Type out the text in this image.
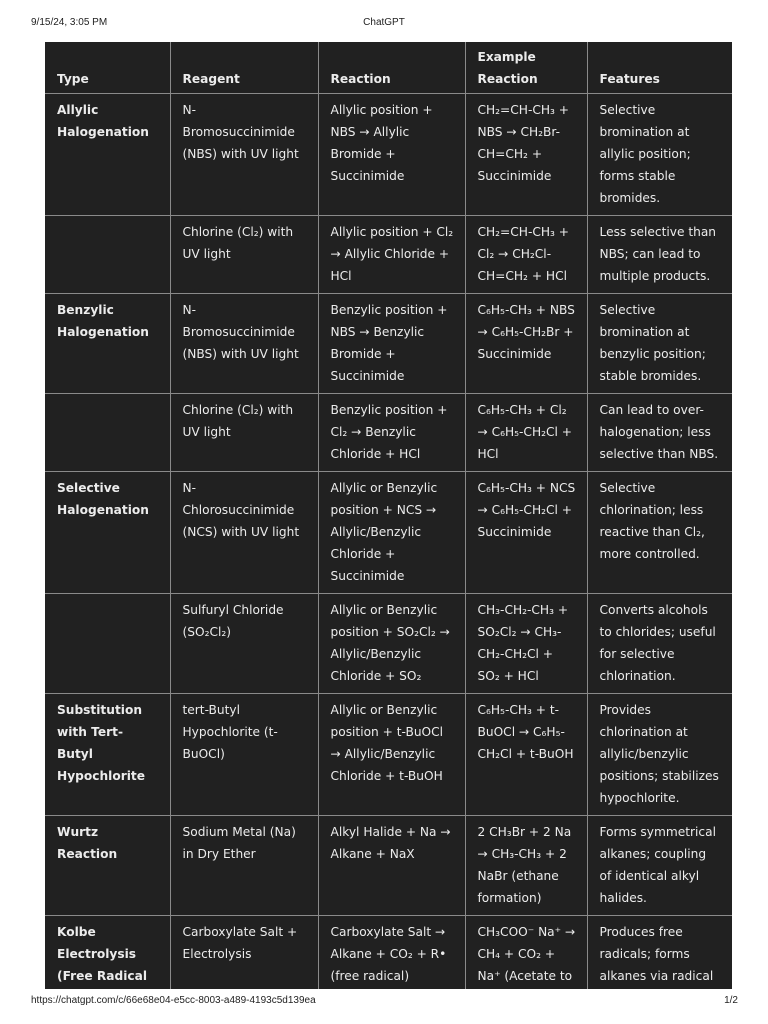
9/15/24, 3:05 PM	ChatGPT
Type	Reagent	Reaction	Example Reaction	Features
Allylic Halogenation	N-Bromosuccinimide (NBS) with UV light	Allylic position + NBS → Allylic Bromide + Succinimide	CH₂=CH-CH₃ + NBS → CH₂Br-CH=CH₂ + Succinimide	Selective bromination at allylic position; forms stable bromides.
	Chlorine (Cl₂) with UV light	Allylic position + Cl₂ → Allylic Chloride + HCl	CH₂=CH-CH₃ + Cl₂ → CH₂Cl-CH=CH₂ + HCl	Less selective than NBS; can lead to multiple products.
Benzylic Halogenation	N-Bromosuccinimide (NBS) with UV light	Benzylic position + NBS → Benzylic Bromide + Succinimide	C₆H₅-CH₃ + NBS → C₆H₅-CH₂Br + Succinimide	Selective bromination at benzylic position; stable bromides.
	Chlorine (Cl₂) with UV light	Benzylic position + Cl₂ → Benzylic Chloride + HCl	C₆H₅-CH₃ + Cl₂ → C₆H₅-CH₂Cl + HCl	Can lead to over-halogenation; less selective than NBS.
Selective Halogenation	N-Chlorosuccinimide (NCS) with UV light	Allylic or Benzylic position + NCS → Allylic/Benzylic Chloride + Succinimide	C₆H₅-CH₃ + NCS → C₆H₅-CH₂Cl + Succinimide	Selective chlorination; less reactive than Cl₂, more controlled.
	Sulfuryl Chloride (SO₂Cl₂)	Allylic or Benzylic position + SO₂Cl₂ → Allylic/Benzylic Chloride + SO₂	CH₃-CH₂-CH₃ + SO₂Cl₂ → CH₃-CH₂-CH₂Cl + SO₂ + HCl	Converts alcohols to chlorides; useful for selective chlorination.
Substitution with Tert-Butyl Hypochlorite	tert-Butyl Hypochlorite (t-BuOCl)	Allylic or Benzylic position + t-BuOCl → Allylic/Benzylic Chloride + t-BuOH	C₆H₅-CH₃ + t-BuOCl → C₆H₅-CH₂Cl + t-BuOH	Provides chlorination at allylic/benzylic positions; stabilizes hypochlorite.
Wurtz Reaction	Sodium Metal (Na) in Dry Ether	Alkyl Halide + Na → Alkane + NaX	2 CH₃Br + 2 Na → CH₃-CH₃ + 2 NaBr (ethane formation)	Forms symmetrical alkanes; coupling of identical alkyl halides.
Kolbe Electrolysis (Free Radical	Carboxylate Salt + Electrolysis	Carboxylate Salt → Alkane + CO₂ + R• (free radical)	CH₃COO⁻ Na⁺ → CH₄ + CO₂ + Na⁺ (Acetate to	Produces free radicals; forms alkanes via radical
https://chatgpt.com/c/66e68e04-e5cc-8003-a489-4193c5d139ea	1/2
